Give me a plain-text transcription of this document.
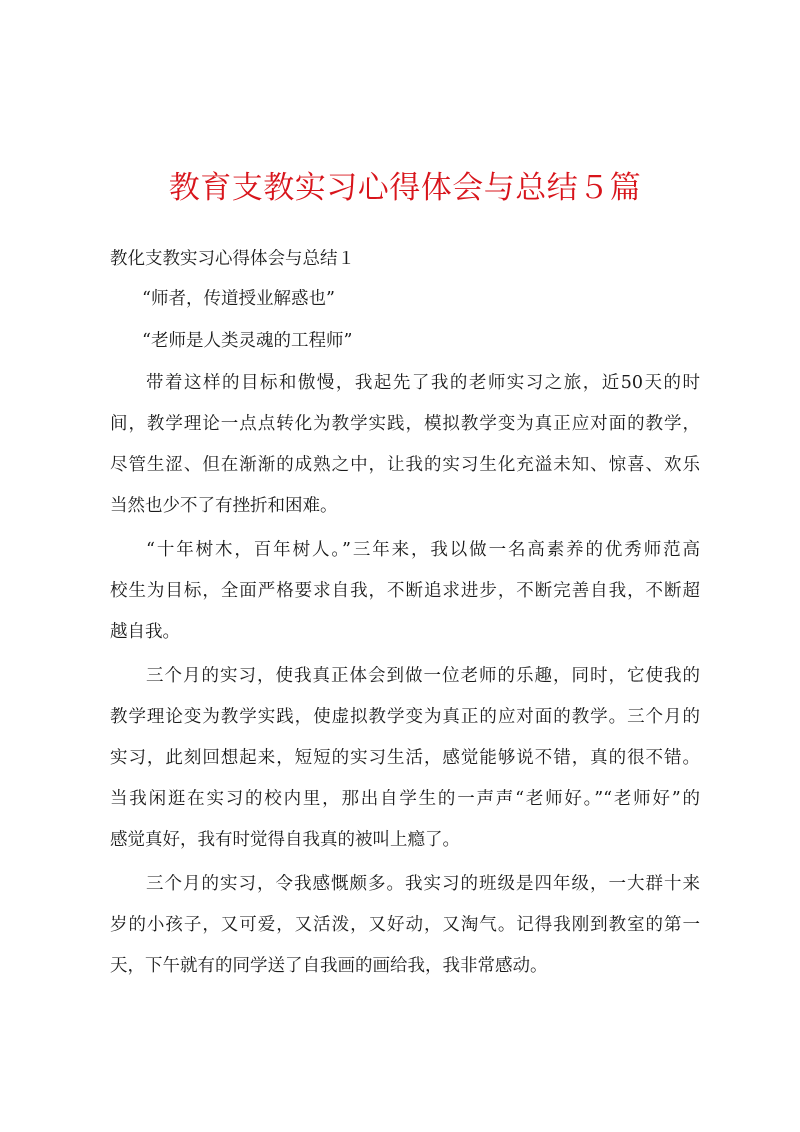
教育支教实习心得体会与总结５篇
教化支教实习心得体会与总结１
“师者，传道授业解惑也”
“老师是人类灵魂的工程师”
带着这样的目标和傲慢，我起先了我的老师实习之旅，近50天的时
间，教学理论一点点转化为教学实践，模拟教学变为真正应对面的教学，
尽管生涩、但在渐渐的成熟之中，让我的实习生化充溢未知、惊喜、欢乐
当然也少不了有挫折和困难。
“十年树木，百年树人。”三年来，我以做一名高素养的优秀师范高
校生为目标，全面严格要求自我，不断追求进步，不断完善自我，不断超
越自我。
三个月的实习，使我真正体会到做一位老师的乐趣，同时，它使我的
教学理论变为教学实践，使虚拟教学变为真正的应对面的教学。三个月的
实习，此刻回想起来，短短的实习生活，感觉能够说不错，真的很不错。
当我闲逛在实习的校内里，那出自学生的一声声“老师好。”“老师好”的
感觉真好，我有时觉得自我真的被叫上瘾了。
三个月的实习，令我感慨颇多。我实习的班级是四年级，一大群十来
岁的小孩子，又可爱，又活泼，又好动，又淘气。记得我刚到教室的第一
天，下午就有的同学送了自我画的画给我，我非常感动。
